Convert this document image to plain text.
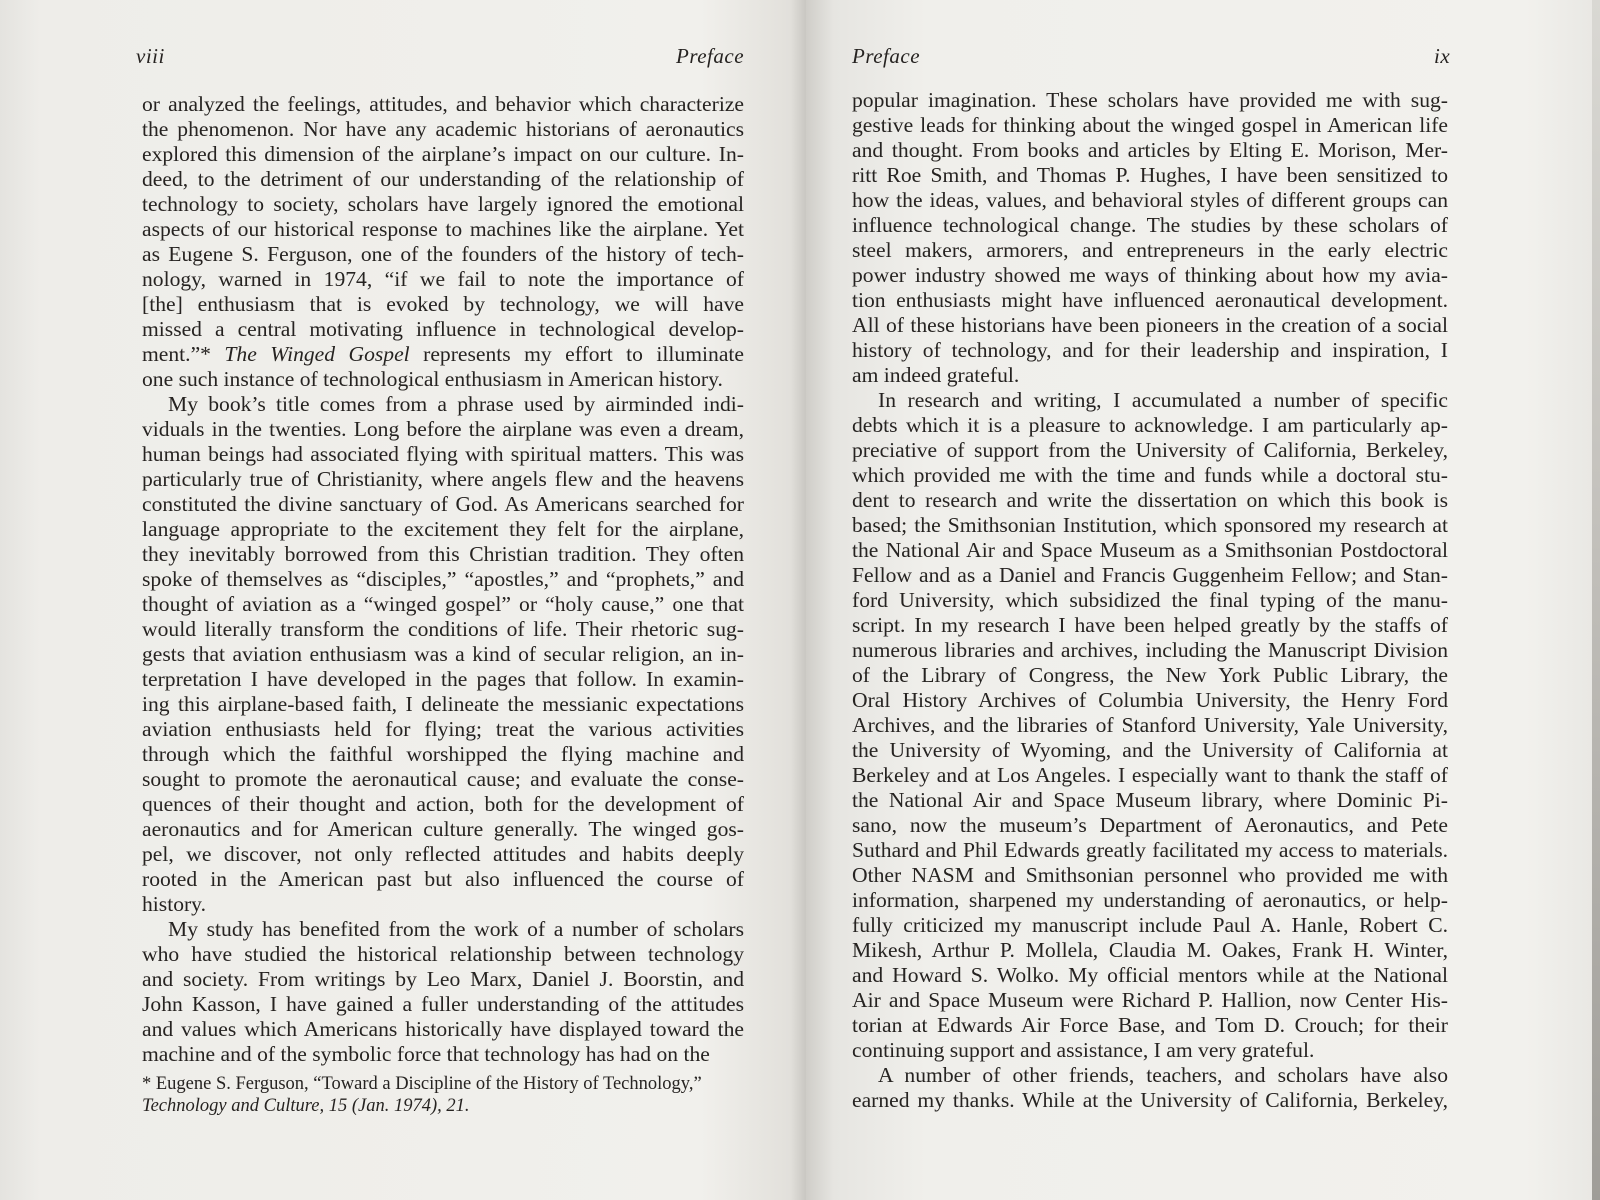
viii	Preface
or analyzed the feelings, attitudes, and behavior which characterize
the phenomenon. Nor have any academic historians of aeronautics
explored this dimension of the airplane’s impact on our culture. In-
deed, to the detriment of our understanding of the relationship of
technology to society, scholars have largely ignored the emotional
aspects of our historical response to machines like the airplane. Yet
as Eugene S. Ferguson, one of the founders of the history of tech-
nology, warned in 1974, “if we fail to note the importance of
[the] enthusiasm that is evoked by technology, we will have
missed a central motivating influence in technological develop-
ment.”* The Winged Gospel represents my effort to illuminate
one such instance of technological enthusiasm in American history.
My book’s title comes from a phrase used by airminded indi-
viduals in the twenties. Long before the airplane was even a dream,
human beings had associated flying with spiritual matters. This was
particularly true of Christianity, where angels flew and the heavens
constituted the divine sanctuary of God. As Americans searched for
language appropriate to the excitement they felt for the airplane,
they inevitably borrowed from this Christian tradition. They often
spoke of themselves as “disciples,” “apostles,” and “prophets,” and
thought of aviation as a “winged gospel” or “holy cause,” one that
would literally transform the conditions of life. Their rhetoric sug-
gests that aviation enthusiasm was a kind of secular religion, an in-
terpretation I have developed in the pages that follow. In examin-
ing this airplane-based faith, I delineate the messianic expectations
aviation enthusiasts held for flying; treat the various activities
through which the faithful worshipped the flying machine and
sought to promote the aeronautical cause; and evaluate the conse-
quences of their thought and action, both for the development of
aeronautics and for American culture generally. The winged gos-
pel, we discover, not only reflected attitudes and habits deeply
rooted in the American past but also influenced the course of
history.
My study has benefited from the work of a number of scholars
who have studied the historical relationship between technology
and society. From writings by Leo Marx, Daniel J. Boorstin, and
John Kasson, I have gained a fuller understanding of the attitudes
and values which Americans historically have displayed toward the
machine and of the symbolic force that technology has had on the
* Eugene S. Ferguson, “Toward a Discipline of the History of Technology,”
Technology and Culture, 15 (Jan. 1974), 21.
Preface	ix
popular imagination. These scholars have provided me with sug-
gestive leads for thinking about the winged gospel in American life
and thought. From books and articles by Elting E. Morison, Mer-
ritt Roe Smith, and Thomas P. Hughes, I have been sensitized to
how the ideas, values, and behavioral styles of different groups can
influence technological change. The studies by these scholars of
steel makers, armorers, and entrepreneurs in the early electric
power industry showed me ways of thinking about how my avia-
tion enthusiasts might have influenced aeronautical development.
All of these historians have been pioneers in the creation of a social
history of technology, and for their leadership and inspiration, I
am indeed grateful.
In research and writing, I accumulated a number of specific
debts which it is a pleasure to acknowledge. I am particularly ap-
preciative of support from the University of California, Berkeley,
which provided me with the time and funds while a doctoral stu-
dent to research and write the dissertation on which this book is
based; the Smithsonian Institution, which sponsored my research at
the National Air and Space Museum as a Smithsonian Postdoctoral
Fellow and as a Daniel and Francis Guggenheim Fellow; and Stan-
ford University, which subsidized the final typing of the manu-
script. In my research I have been helped greatly by the staffs of
numerous libraries and archives, including the Manuscript Division
of the Library of Congress, the New York Public Library, the
Oral History Archives of Columbia University, the Henry Ford
Archives, and the libraries of Stanford University, Yale University,
the University of Wyoming, and the University of California at
Berkeley and at Los Angeles. I especially want to thank the staff of
the National Air and Space Museum library, where Dominic Pi-
sano, now the museum’s Department of Aeronautics, and Pete
Suthard and Phil Edwards greatly facilitated my access to materials.
Other NASM and Smithsonian personnel who provided me with
information, sharpened my understanding of aeronautics, or help-
fully criticized my manuscript include Paul A. Hanle, Robert C.
Mikesh, Arthur P. Mollela, Claudia M. Oakes, Frank H. Winter,
and Howard S. Wolko. My official mentors while at the National
Air and Space Museum were Richard P. Hallion, now Center His-
torian at Edwards Air Force Base, and Tom D. Crouch; for their
continuing support and assistance, I am very grateful.
A number of other friends, teachers, and scholars have also
earned my thanks. While at the University of California, Berkeley,
